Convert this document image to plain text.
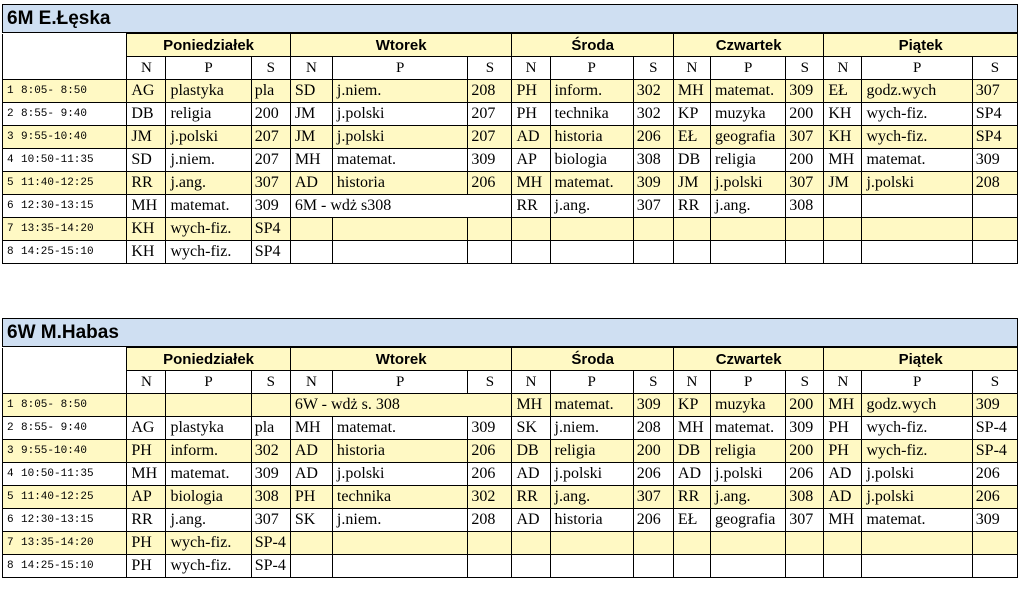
6M E.Łęska
	Poniedziałek			Wtorek			Środa			Czwartek			Piątek		
	N	P	S	N	P	S	N	P	S	N	P	S	N	P	S
1 8:05- 8:50	AG	plastyka	pla	SD	j.niem.	208	PH	inform.	302	MH	matemat.	309	EŁ	godz.wych	307
2 8:55- 9:40	DB	religia	200	JM	j.polski	207	PH	technika	302	KP	muzyka	200	KH	wych-fiz.	SP4
3 9:55-10:40	JM	j.polski	207	JM	j.polski	207	AD	historia	206	EŁ	geografia	307	KH	wych-fiz.	SP4
4 10:50-11:35	SD	j.niem.	207	MH	matemat.	309	AP	biologia	308	DB	religia	200	MH	matemat.	309
5 11:40-12:25	RR	j.ang.	307	AD	historia	206	MH	matemat.	309	JM	j.polski	307	JM	j.polski	208
6 12:30-13:15	MH	matemat.	309	6M - wdż s308			RR	j.ang.	307	RR	j.ang.	308			
7 13:35-14:20	KH	wych-fiz.	SP4												
8 14:25-15:10	KH	wych-fiz.	SP4												
6W M.Habas
	Poniedziałek			Wtorek			Środa			Czwartek			Piątek		
	N	P	S	N	P	S	N	P	S	N	P	S	N	P	S
1 8:05- 8:50				6W - wdż s. 308			MH	matemat.	309	KP	muzyka	200	MH	godz.wych	309
2 8:55- 9:40	AG	plastyka	pla	MH	matemat.	309	SK	j.niem.	208	MH	matemat.	309	PH	wych-fiz.	SP-4
3 9:55-10:40	PH	inform.	302	AD	historia	206	DB	religia	200	DB	religia	200	PH	wych-fiz.	SP-4
4 10:50-11:35	MH	matemat.	309	AD	j.polski	206	AD	j.polski	206	AD	j.polski	206	AD	j.polski	206
5 11:40-12:25	AP	biologia	308	PH	technika	302	RR	j.ang.	307	RR	j.ang.	308	AD	j.polski	206
6 12:30-13:15	RR	j.ang.	307	SK	j.niem.	208	AD	historia	206	EŁ	geografia	307	MH	matemat.	309
7 13:35-14:20	PH	wych-fiz.	SP-4												
8 14:25-15:10	PH	wych-fiz.	SP-4												
